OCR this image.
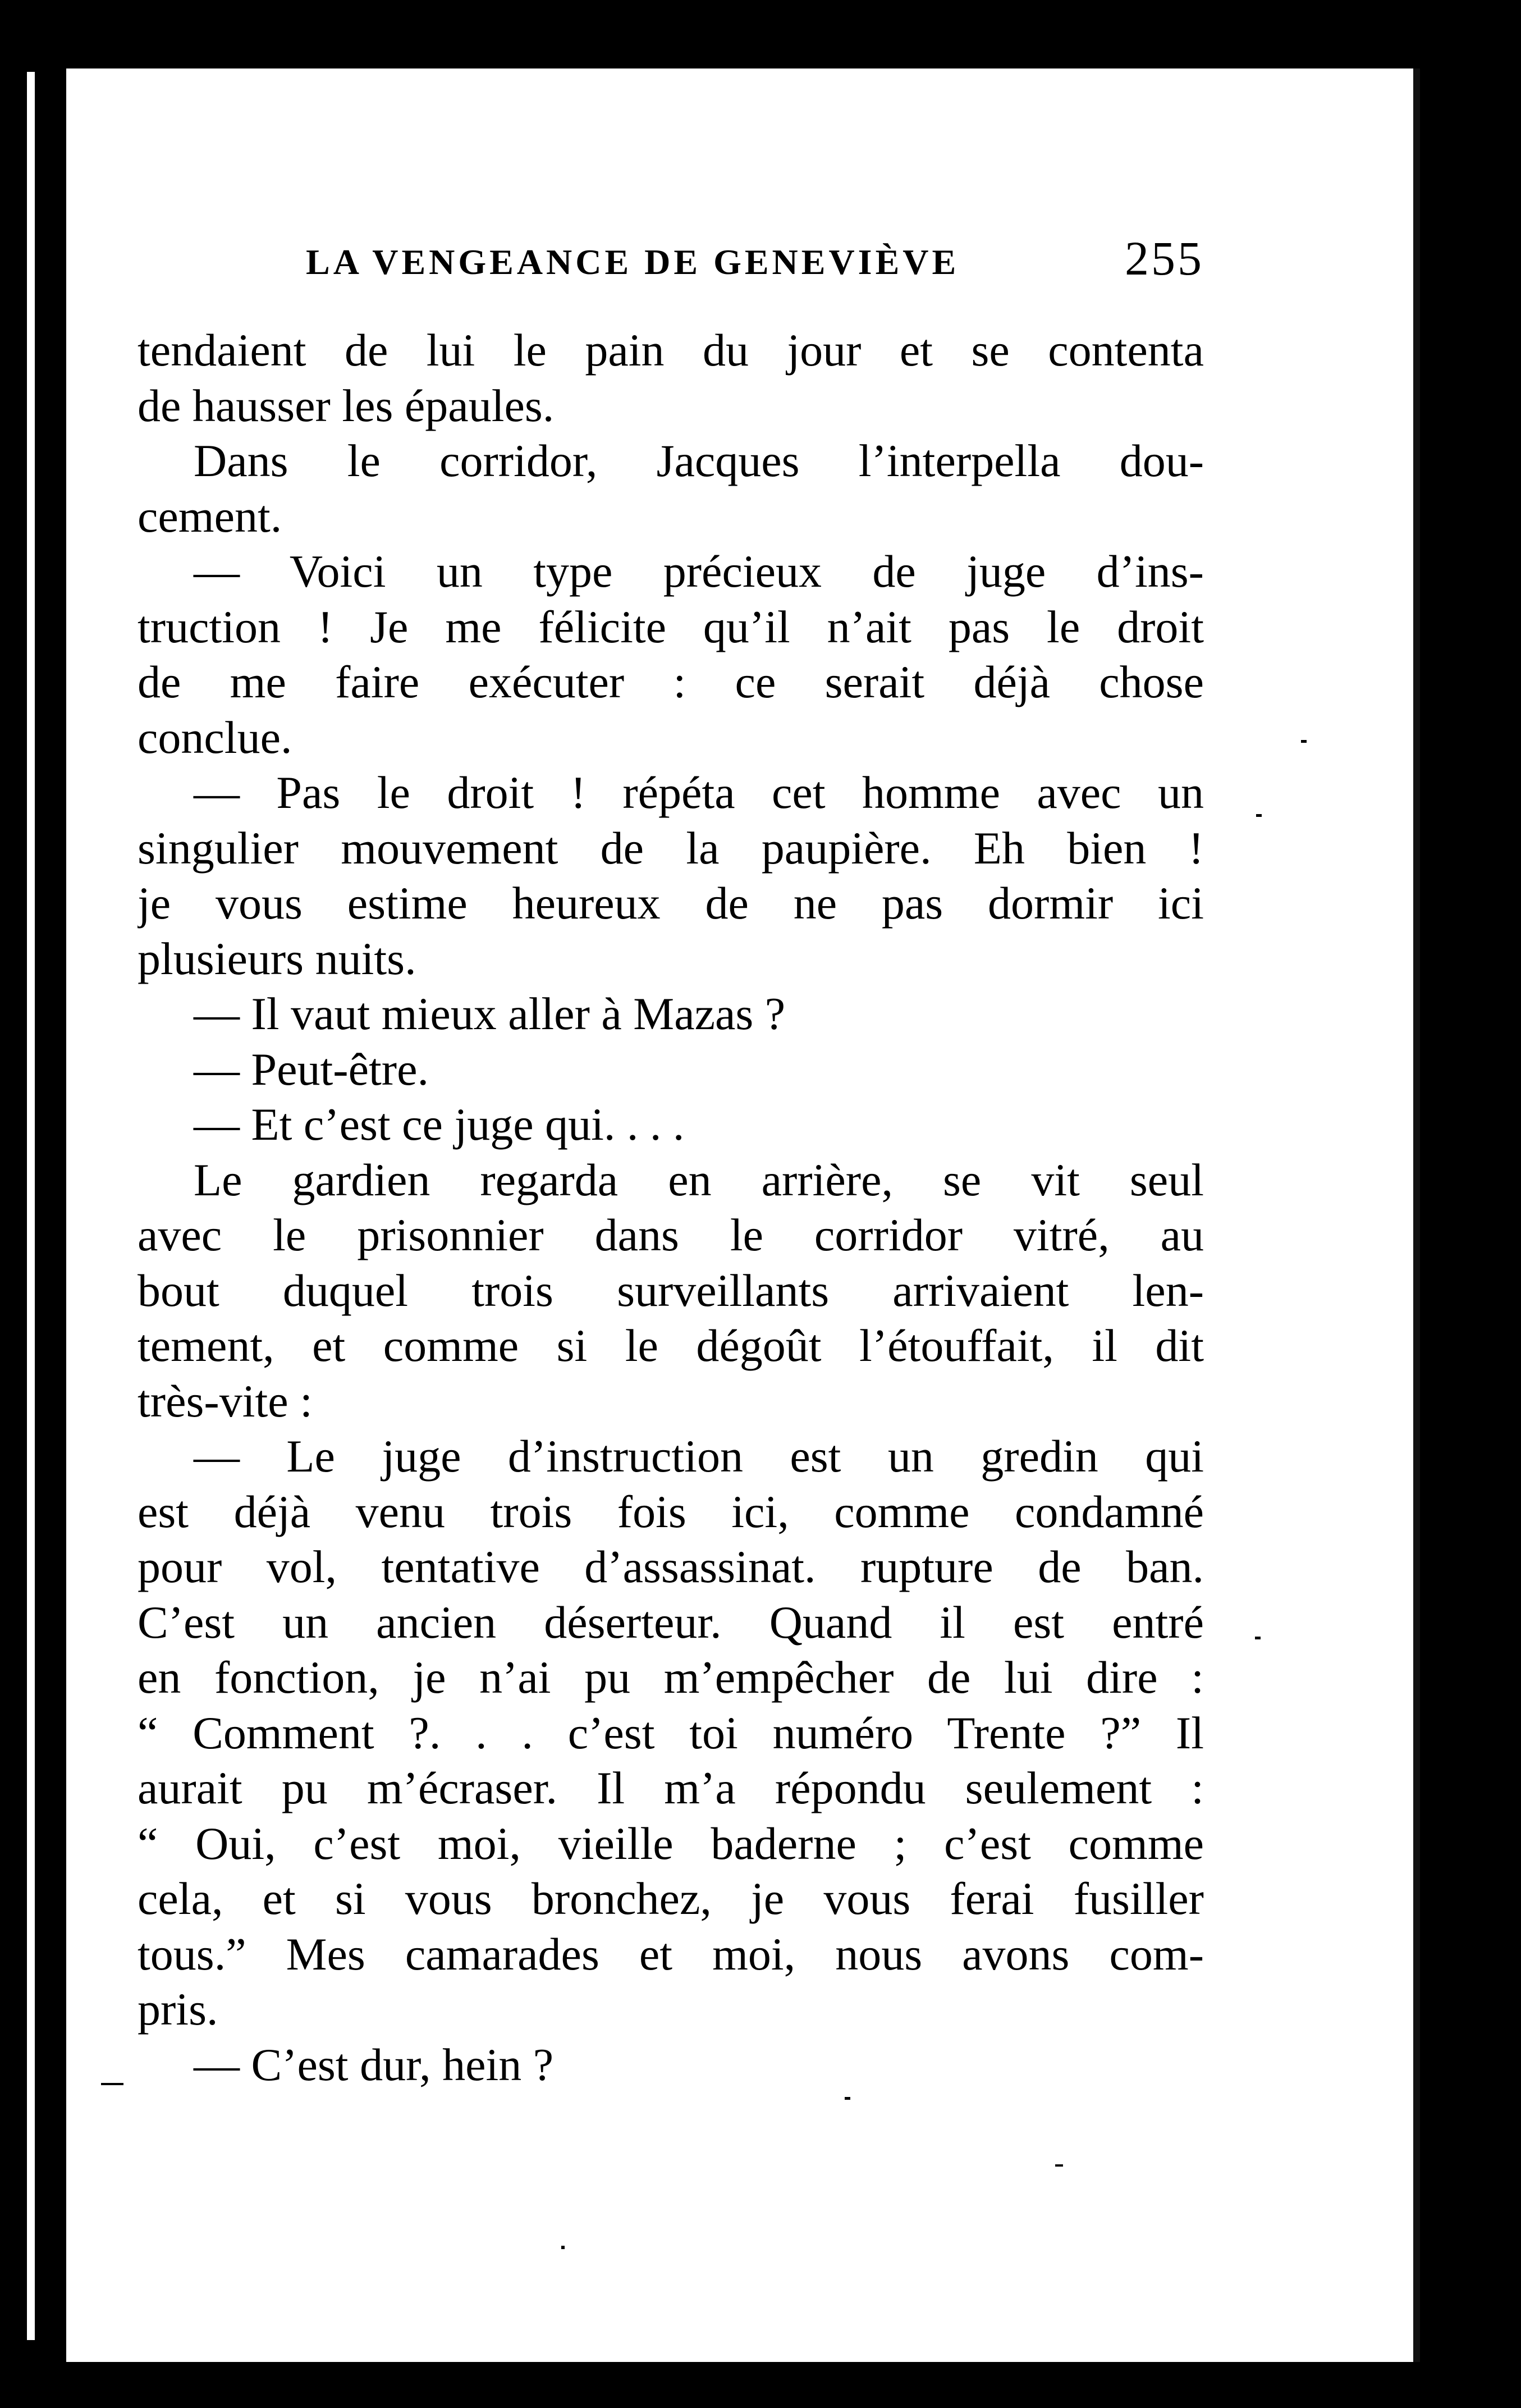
LA VENGEANCE DE GENEVIÈVE	255
tendaient de lui le pain du jour et se contenta
de hausser les épaules.
Dans le corridor, Jacques l’interpella dou-
cement.
— Voici un type précieux de juge d’ins-
truction ! Je me félicite qu’il n’ait pas le droit
de me faire exécuter : ce serait déjà chose
conclue.
— Pas le droit ! répéta cet homme avec un
singulier mouvement de la paupière. Eh bien !
je vous estime heureux de ne pas dormir ici
plusieurs nuits.
— Il vaut mieux aller à Mazas ?
— Peut-être.
— Et c’est ce juge qui. . . .
Le gardien regarda en arrière, se vit seul
avec le prisonnier dans le corridor vitré, au
bout duquel trois surveillants arrivaient len-
tement, et comme si le dégoût l’étouffait, il dit
très-vite :
— Le juge d’instruction est un gredin qui
est déjà venu trois fois ici, comme condamné
pour vol, tentative d’assassinat. rupture de ban.
C’est un ancien déserteur. Quand il est entré
en fonction, je n’ai pu m’empêcher de lui dire :
“ Comment ?. . . c’est toi numéro Trente ?” Il
aurait pu m’écraser. Il m’a répondu seulement :
“ Oui, c’est moi, vieille baderne ; c’est comme
cela, et si vous bronchez, je vous ferai fusiller
tous.” Mes camarades et moi, nous avons com-
pris.
— C’est dur, hein ?
